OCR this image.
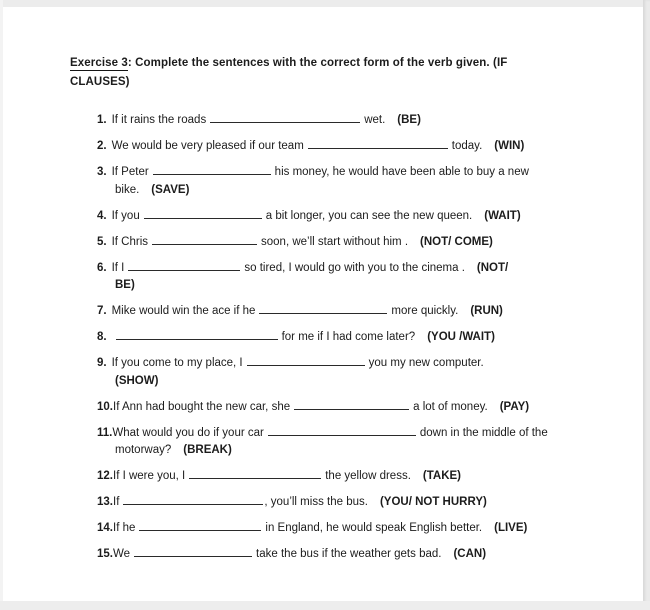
Exercise 3: Complete the sentences with the correct form of the verb given. (IF
CLAUSES)
1. If it rains the roads	wet. (BE)
2. We would be very pleased if our team	today. (WIN)
3. If Peter	his money, he would have been able to buy a new
bike. (SAVE)
4. If you	a bit longer, you can see the new queen. (WAIT)
5. If Chris	soon, we’ll start without him . (NOT/ COME)
6. If I	so tired, I would go with you to the cinema . (NOT/
BE)
7. Mike would win the ace if he	more quickly. (RUN)
8.	for me if I had come later? (YOU /WAIT)
9. If you come to my place, I	you my new computer.
(SHOW)
10.If Ann had bought the new car, she	a lot of money. (PAY)
11.What would you do if your car	down in the middle of the
motorway? (BREAK)
12.If I were you, I	the yellow dress. (TAKE)
13.If	, you’ll miss the bus. (YOU/ NOT HURRY)
14.If he	in England, he would speak English better. (LIVE)
15.We	take the bus if the weather gets bad. (CAN)
